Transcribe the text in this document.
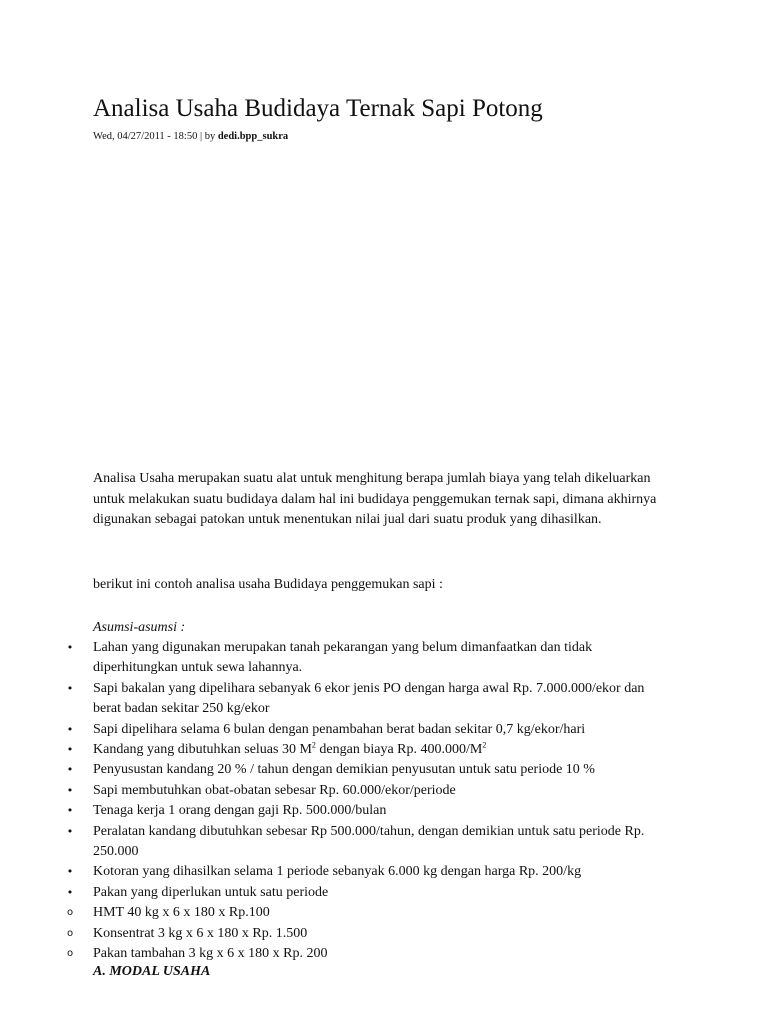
Analisa Usaha Budidaya Ternak Sapi Potong
Wed, 04/27/2011 - 18:50 | by dedi.bpp_sukra

Analisa Usaha merupakan suatu alat untuk menghitung berapa jumlah biaya yang telah dikeluarkan untuk melakukan suatu budidaya dalam hal ini budidaya penggemukan ternak sapi, dimana akhirnya digunakan sebagai patokan untuk menentukan nilai jual dari suatu produk yang dihasilkan.

berikut ini contoh analisa usaha Budidaya penggemukan sapi :

Asumsi-asumsi :
• Lahan yang digunakan merupakan tanah pekarangan yang belum dimanfaatkan dan tidak diperhitungkan untuk sewa lahannya.
• Sapi bakalan yang dipelihara sebanyak 6 ekor jenis PO dengan harga awal Rp. 7.000.000/ekor dan berat badan sekitar 250 kg/ekor
• Sapi dipelihara selama 6 bulan dengan penambahan berat badan sekitar 0,7 kg/ekor/hari
• Kandang yang dibutuhkan seluas 30 $M^2$ dengan biaya Rp. $400.000/M^2$
• Penyusustan kandang 20 % / tahun dengan demikian penyusutan untuk satu periode 10 %
• Sapi membutuhkan obat-obatan sebesar Rp. 60.000/ekor/periode
• Tenaga kerja 1 orang dengan gaji Rp. 500.000/bulan
• Peralatan kandang dibutuhkan sebesar Rp 500.000/tahun, dengan demikian untuk satu periode Rp. 250.000
• Kotoran yang dihasilkan selama 1 periode sebanyak 6.000 kg dengan harga Rp. 200/kg
• Pakan yang diperlukan untuk satu periode
o HMT 40 kg x 6 x 180 x Rp.100
o Konsentrat 3 kg x 6 x 180 x Rp. 1.500
o Pakan tambahan 3 kg x 6 x 180 x Rp. 200
A. MODAL USAHA
